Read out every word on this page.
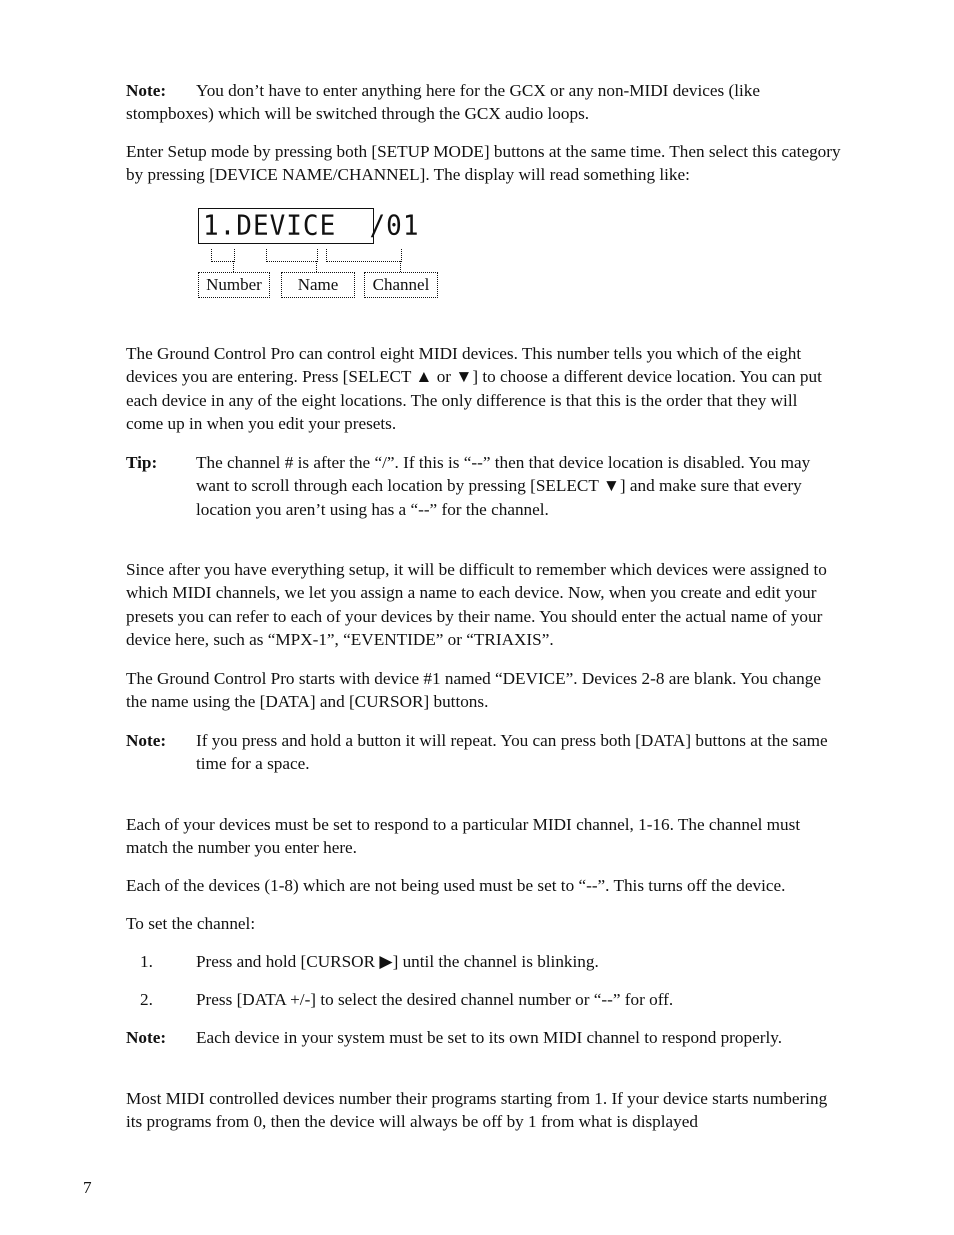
Note:	You don’t have to enter anything here for the GCX or any non-MIDI devices (like stompboxes) which will be switched through the GCX audio loops.

Enter Setup mode by pressing both [SETUP MODE] buttons at the same time. Then select this category by pressing [DEVICE NAME/CHANNEL]. The display will read something like:

1.DEVICE  /01
Number	Name	Channel

The Ground Control Pro can control eight MIDI devices. This number tells you which of the eight devices you are entering. Press [SELECT ▲ or ▼] to choose a different device location. You can put each device in any of the eight locations. The only difference is that this is the order that they will come up in when you edit your presets.

Tip: The channel # is after the “/”. If this is “--” then that device location is disabled. You may want to scroll through each location by pressing [SELECT ▼] and make sure that every location you aren’t using has a “--” for the channel.

Since after you have everything setup, it will be difficult to remember which devices were assigned to which MIDI channels, we let you assign a name to each device. Now, when you create and edit your presets you can refer to each of your devices by their name. You should enter the actual name of your device here, such as “MPX-1”, “EVENTIDE” or “TRIAXIS”.

The Ground Control Pro starts with device #1 named “DEVICE”. Devices 2-8 are blank. You change the name using the [DATA] and [CURSOR] buttons.

Note: If you press and hold a button it will repeat. You can press both [DATA] buttons at the same time for a space.

Each of your devices must be set to respond to a particular MIDI channel, 1-16. The channel must match the number you enter here.

Each of the devices (1-8) which are not being used must be set to “--”. This turns off the device.

To set the channel:

1.	Press and hold [CURSOR ▶] until the channel is blinking.
2.	Press [DATA +/-] to select the desired channel number or “--” for off.
Note: Each device in your system must be set to its own MIDI channel to respond properly.

Most MIDI controlled devices number their programs starting from 1. If your device starts numbering its programs from 0, then the device will always be off by 1 from what is displayed

7
